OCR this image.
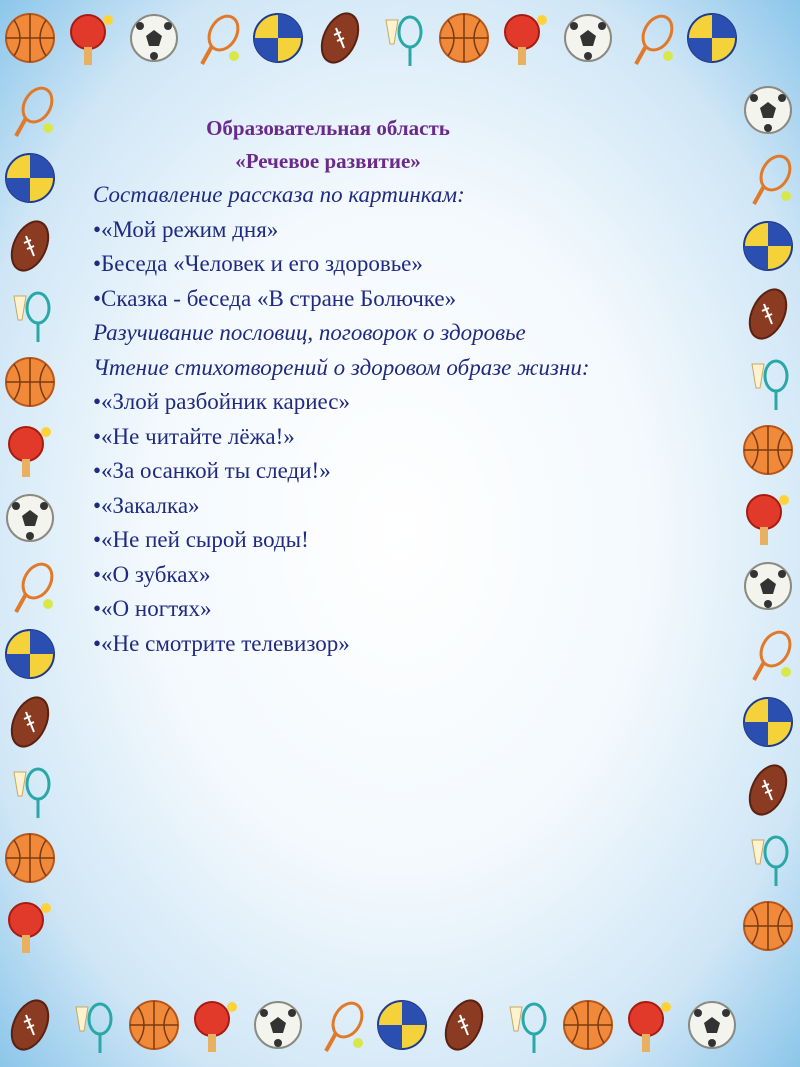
Образовательная область
«Речевое развитие»
Составление рассказа по картинкам:
•«Мой режим дня»
•Беседа «Человек и его здоровье»
•Сказка - беседа «В стране Болючке»
Разучивание пословиц, поговорок о здоровье
Чтение стихотворений о здоровом образе жизни:
•«Злой разбойник кариес»
•«Не читайте лёжа!»
•«За осанкой ты следи!»
•«Закалка»
•«Не пей сырой воды!
•«О зубках»
•«О ногтях»
•«Не смотрите телевизор»
